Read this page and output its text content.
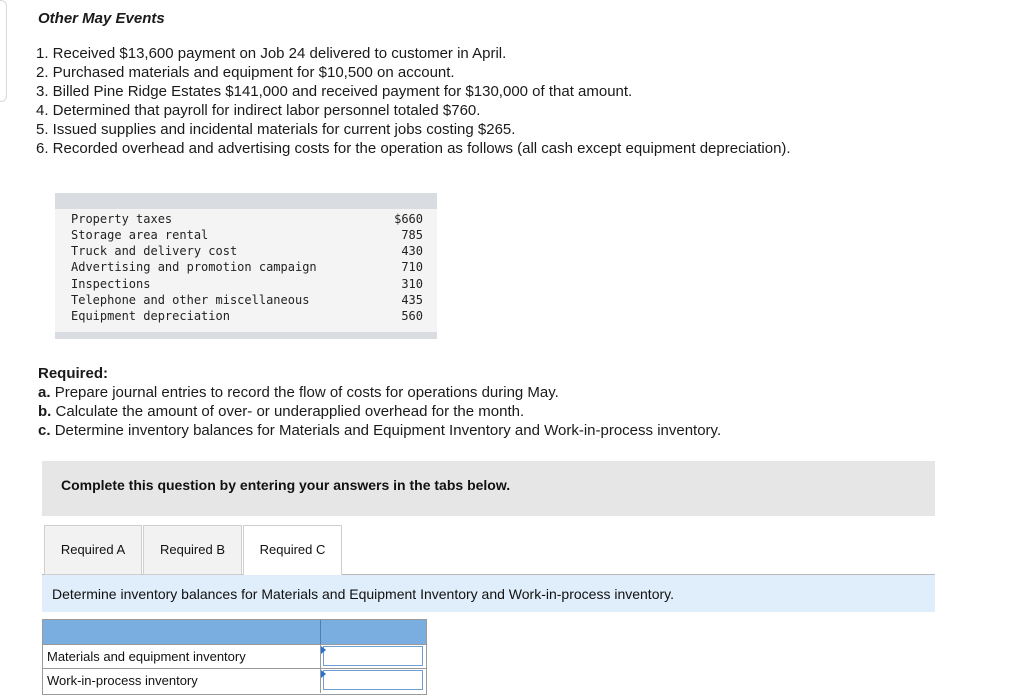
Other May Events
1. Received $13,600 payment on Job 24 delivered to customer in April.
2. Purchased materials and equipment for $10,500 on account.
3. Billed Pine Ridge Estates $141,000 and received payment for $130,000 of that amount.
4. Determined that payroll for indirect labor personnel totaled $760.
5. Issued supplies and incidental materials for current jobs costing $265.
6. Recorded overhead and advertising costs for the operation as follows (all cash except equipment depreciation).
Property taxes	$660
Storage area rental	785
Truck and delivery cost	430
Advertising and promotion campaign	710
Inspections	310
Telephone and other miscellaneous	435
Equipment depreciation	560
Required:
a. Prepare journal entries to record the flow of costs for operations during May.
b. Calculate the amount of over- or underapplied overhead for the month.
c. Determine inventory balances for Materials and Equipment Inventory and Work-in-process inventory.
Complete this question by entering your answers in the tabs below.
Required A	Required B	Required C
Determine inventory balances for Materials and Equipment Inventory and Work-in-process inventory.
Materials and equipment inventory
Work-in-process inventory
